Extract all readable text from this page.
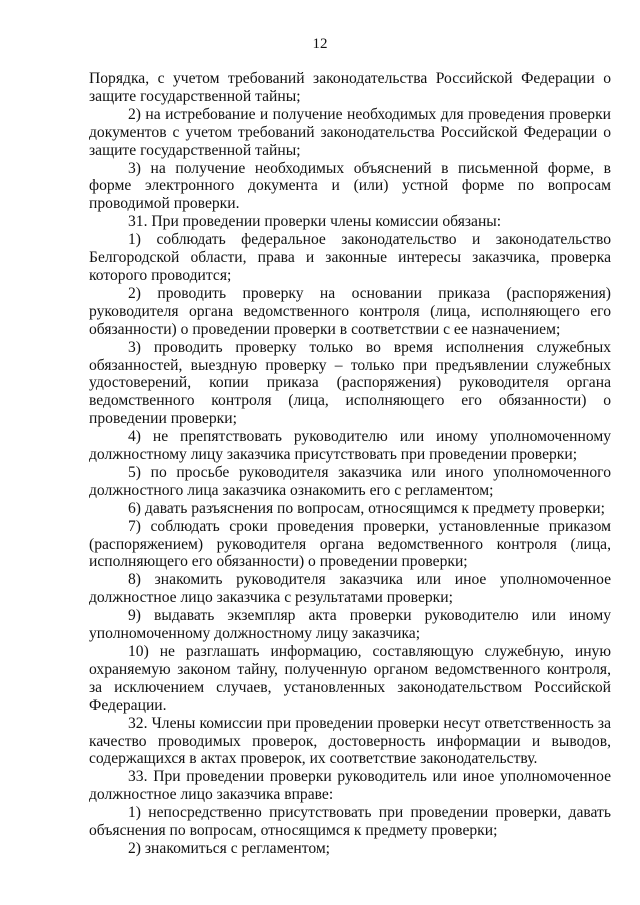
12

Порядка, с учетом требований законодательства Российской Федерации о защите государственной тайны;

2) на истребование и получение необходимых для проведения проверки документов с учетом требований законодательства Российской Федерации о защите государственной тайны;

3) на получение необходимых объяснений в письменной форме, в форме электронного документа и (или) устной форме по вопросам проводимой проверки.

31. При проведении проверки члены комиссии обязаны:

1) соблюдать федеральное законодательство и законодательство Белгородской области, права и законные интересы заказчика, проверка которого проводится;

2) проводить проверку на основании приказа (распоряжения) руководителя органа ведомственного контроля (лица, исполняющего его обязанности) о проведении проверки в соответствии с ее назначением;

3) проводить проверку только во время исполнения служебных обязанностей, выездную проверку – только при предъявлении служебных удостоверений, копии приказа (распоряжения) руководителя органа ведомственного контроля (лица, исполняющего его обязанности) о проведении проверки;

4) не препятствовать руководителю или иному уполномоченному должностному лицу заказчика присутствовать при проведении проверки;

5) по просьбе руководителя заказчика или иного уполномоченного должностного лица заказчика ознакомить его с регламентом;

6) давать разъяснения по вопросам, относящимся к предмету проверки;

7) соблюдать сроки проведения проверки, установленные приказом (распоряжением) руководителя органа ведомственного контроля (лица, исполняющего его обязанности) о проведении проверки;

8) знакомить руководителя заказчика или иное уполномоченное должностное лицо заказчика с результатами проверки;

9) выдавать экземпляр акта проверки руководителю или иному уполномоченному должностному лицу заказчика;

10) не разглашать информацию, составляющую служебную, иную охраняемую законом тайну, полученную органом ведомственного контроля, за исключением случаев, установленных законодательством Российской Федерации.

32. Члены комиссии при проведении проверки несут ответственность за качество проводимых проверок, достоверность информации и выводов, содержащихся в актах проверок, их соответствие законодательству.

33. При проведении проверки руководитель или иное уполномоченное должностное лицо заказчика вправе:

1) непосредственно присутствовать при проведении проверки, давать объяснения по вопросам, относящимся к предмету проверки;

2) знакомиться с регламентом;
